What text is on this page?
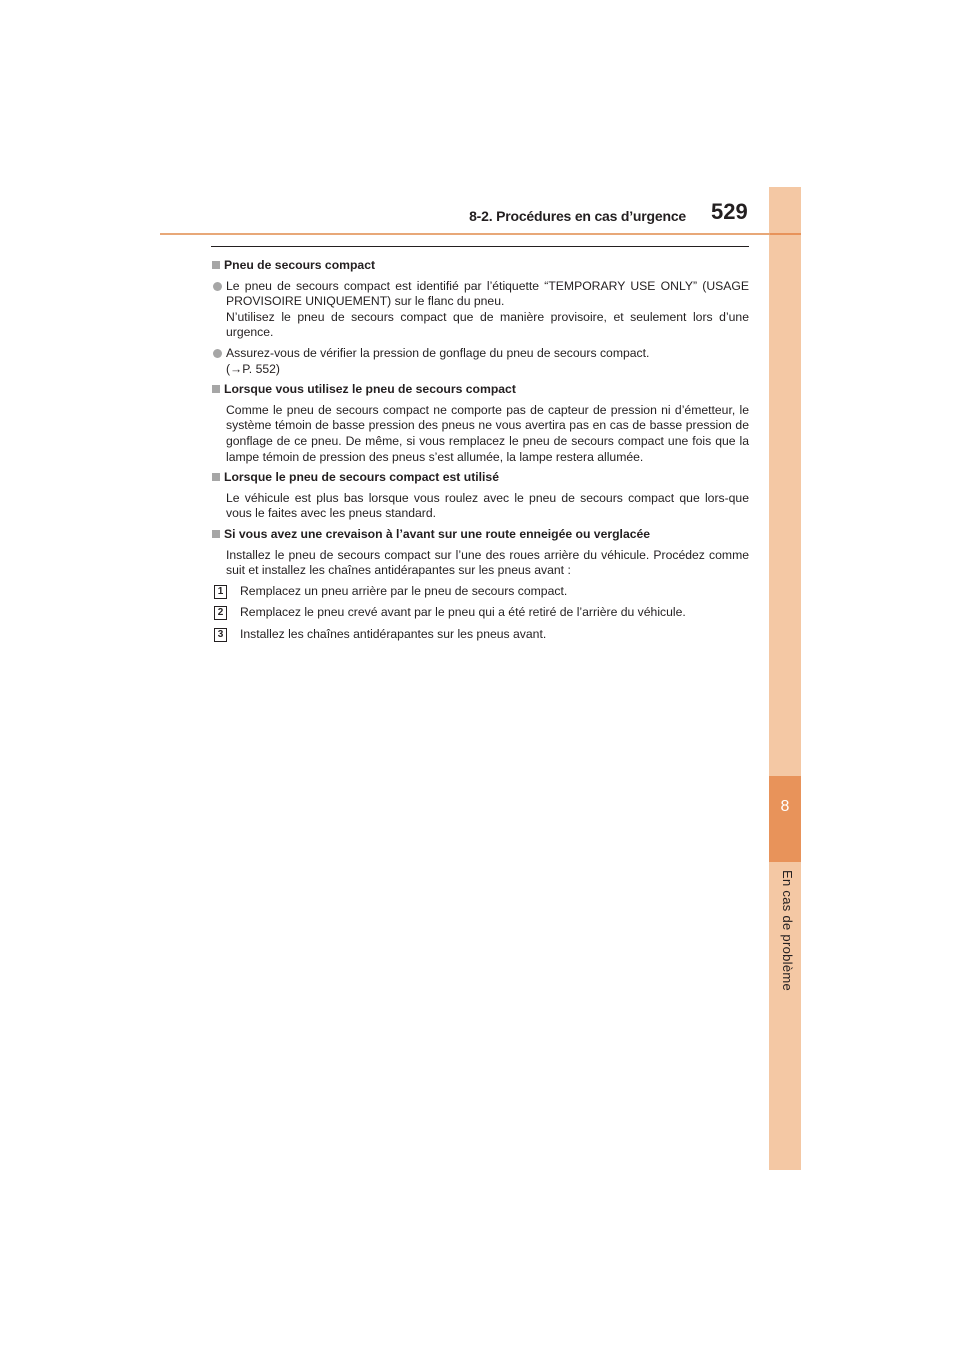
8
En cas de problème
8-2. Procédures en cas d’urgence 529
Pneu de secours compact
Le pneu de secours compact est identifié par l’étiquette “TEMPORARY USE ONLY” (USAGE PROVISOIRE UNIQUEMENT) sur le flanc du pneu.
N’utilisez le pneu de secours compact que de manière provisoire, et seulement lors d’une urgence.
Assurez-vous de vérifier la pression de gonflage du pneu de secours compact.
(→P. 552)
Lorsque vous utilisez le pneu de secours compact
Comme le pneu de secours compact ne comporte pas de capteur de pression ni d’émetteur, le système témoin de basse pression des pneus ne vous avertira pas en cas de basse pression de gonflage de ce pneu. De même, si vous remplacez le pneu de secours compact une fois que la lampe témoin de pression des pneus s’est allumée, la lampe restera allumée.
Lorsque le pneu de secours compact est utilisé
Le véhicule est plus bas lorsque vous roulez avec le pneu de secours compact que lors-que vous le faites avec les pneus standard.
Si vous avez une crevaison à l’avant sur une route enneigée ou verglacée
Installez le pneu de secours compact sur l’une des roues arrière du véhicule. Procédez comme suit et installez les chaînes antidérapantes sur les pneus avant :
1	Remplacez un pneu arrière par le pneu de secours compact.
2	Remplacez le pneu crevé avant par le pneu qui a été retiré de l’arrière du véhicule.
3	Installez les chaînes antidérapantes sur les pneus avant.
